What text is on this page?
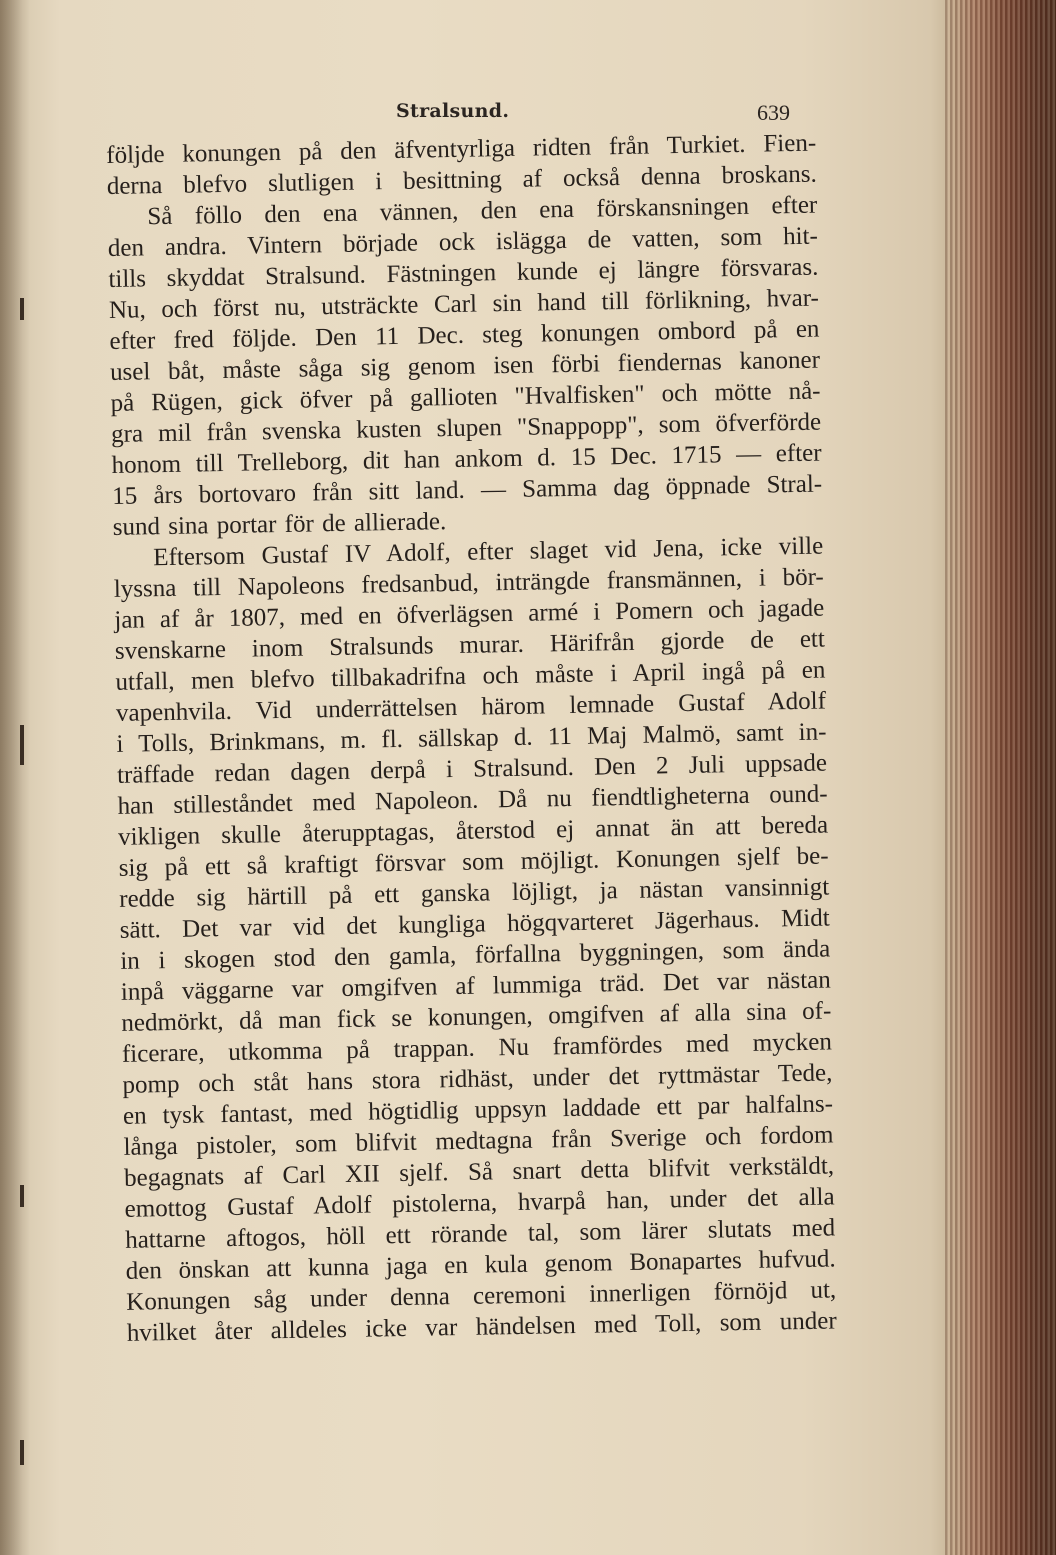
Stralsund.	639
följde konungen på den äfventyrliga ridten från Turkiet. Fien-
derna blefvo slutligen i besittning af också denna broskans.
Så föllo den ena vännen, den ena förskansningen efter
den andra. Vintern började ock islägga de vatten, som hit-
tills skyddat Stralsund. Fästningen kunde ej längre försvaras.
Nu, och först nu, utsträckte Carl sin hand till förlikning, hvar-
efter fred följde. Den 11 Dec. steg konungen ombord på en
usel båt, måste såga sig genom isen förbi fiendernas kanoner
på Rügen, gick öfver på gallioten "Hvalfisken" och mötte nå-
gra mil från svenska kusten slupen "Snappopp", som öfverförde
honom till Trelleborg, dit han ankom d. 15 Dec. 1715 — efter
15 års bortovaro från sitt land. — Samma dag öppnade Stral-
sund sina portar för de allierade.
Eftersom Gustaf IV Adolf, efter slaget vid Jena, icke ville
lyssna till Napoleons fredsanbud, inträngde fransmännen, i bör-
jan af år 1807, med en öfverlägsen armé i Pomern och jagade
svenskarne inom Stralsunds murar. Härifrån gjorde de ett
utfall, men blefvo tillbakadrifna och måste i April ingå på en
vapenhvila. Vid underrättelsen härom lemnade Gustaf Adolf
i Tolls, Brinkmans, m. fl. sällskap d. 11 Maj Malmö, samt in-
träffade redan dagen derpå i Stralsund. Den 2 Juli uppsade
han stilleståndet med Napoleon. Då nu fiendtligheterna ound-
vikligen skulle återupptagas, återstod ej annat än att bereda
sig på ett så kraftigt försvar som möjligt. Konungen sjelf be-
redde sig härtill på ett ganska löjligt, ja nästan vansinnigt
sätt. Det var vid det kungliga högqvarteret Jägerhaus. Midt
in i skogen stod den gamla, förfallna byggningen, som ända
inpå väggarne var omgifven af lummiga träd. Det var nästan
nedmörkt, då man fick se konungen, omgifven af alla sina of-
ficerare, utkomma på trappan. Nu framfördes med mycken
pomp och ståt hans stora ridhäst, under det ryttmästar Tede,
en tysk fantast, med högtidlig uppsyn laddade ett par halfalns-
långa pistoler, som blifvit medtagna från Sverige och fordom
begagnats af Carl XII sjelf. Så snart detta blifvit verkstäldt,
emottog Gustaf Adolf pistolerna, hvarpå han, under det alla
hattarne aftogos, höll ett rörande tal, som lärer slutats med
den önskan att kunna jaga en kula genom Bonapartes hufvud.
Konungen såg under denna ceremoni innerligen förnöjd ut,
hvilket åter alldeles icke var händelsen med Toll, som under
